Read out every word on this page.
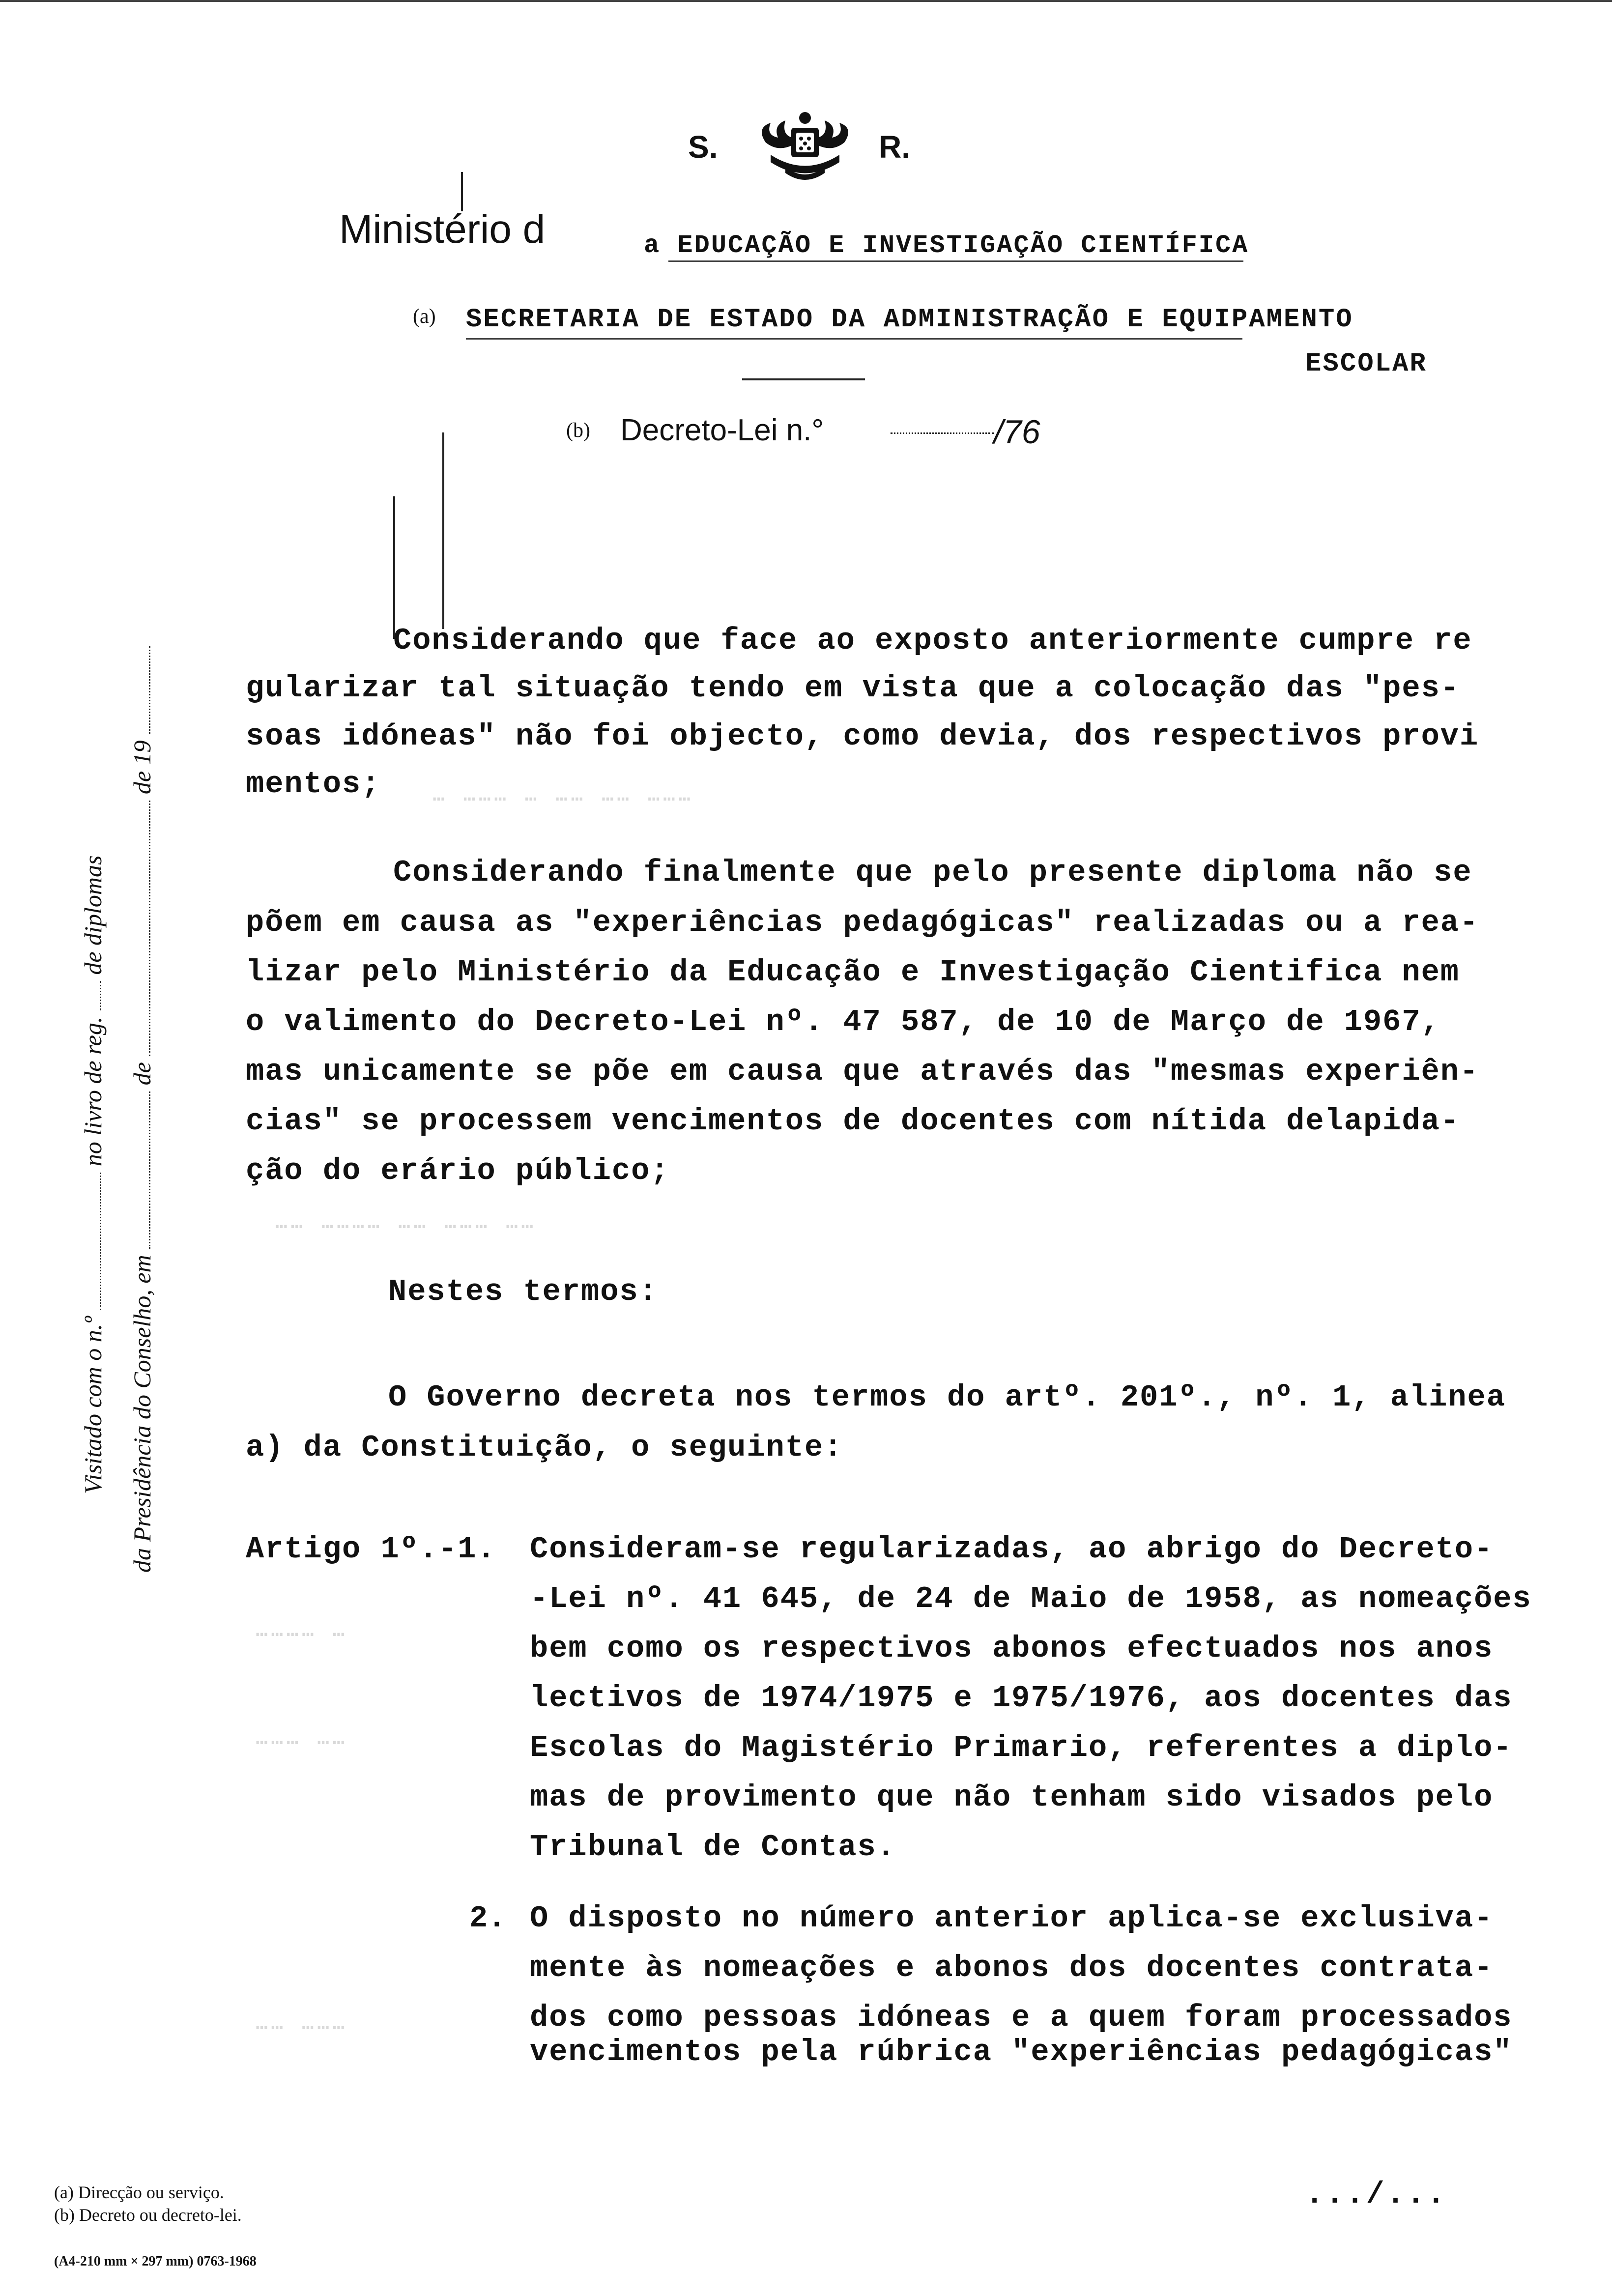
S.	R.
Ministério d	a EDUCAÇÃO E INVESTIGAÇÃO CIENTÍFICA
(a) SECRETARIA DE ESTADO DA ADMINISTRAÇÃO E EQUIPAMENTO
ESCOLAR
(b) Decreto-Lei n.°	/76
Visitado com o n.º  no livro de reg.  de diplomas
da Presidência do Conselho, em  de  de 19
Considerando que face ao exposto anteriormente cumpre re
gularizar tal situação tendo em vista que a colocação das "pes-
soas idóneas" não foi objecto, como devia, dos respectivos provi
mentos;
Considerando finalmente que pelo presente diploma não se
põem em causa as "experiências pedagógicas" realizadas ou a rea-
lizar pelo Ministério da Educação e Investigação Cientifica nem
o valimento do Decreto-Lei nº. 47 587, de 10 de Março de 1967,
mas unicamente se põe em causa que através das "mesmas experiên-
cias" se processem vencimentos de docentes com nítida delapida-
ção do erário público;
⋯ ⋯⋯⋯ ⋯ ⋯⋯ ⋯⋯ ⋯⋯⋯
⋯⋯ ⋯⋯⋯⋯ ⋯⋯ ⋯⋯⋯ ⋯⋯
⋯⋯⋯⋯ ⋯
⋯⋯⋯ ⋯⋯
⋯⋯ ⋯⋯⋯
Nestes termos:
O Governo decreta nos termos do artº. 201º., nº. 1, alinea
a) da Constituição, o seguinte:
Artigo 1º.-1. Consideram-se regularizadas, ao abrigo do Decreto-
-Lei nº. 41 645, de 24 de Maio de 1958, as nomeações
bem como os respectivos abonos efectuados nos anos
lectivos de 1974/1975 e 1975/1976, aos docentes das
Escolas do Magistério Primario, referentes a diplo-
mas de provimento que não tenham sido visados pelo
Tribunal de Contas.
2. O disposto no número anterior aplica-se exclusiva-
mente às nomeações e abonos dos docentes contrata-
dos como pessoas idóneas e a quem foram processados
vencimentos pela rúbrica "experiências pedagógicas"
(a) Direcção ou serviço.
(b) Decreto ou decreto-lei.
(A4-210 mm × 297 mm) 0763-1968
.../...
